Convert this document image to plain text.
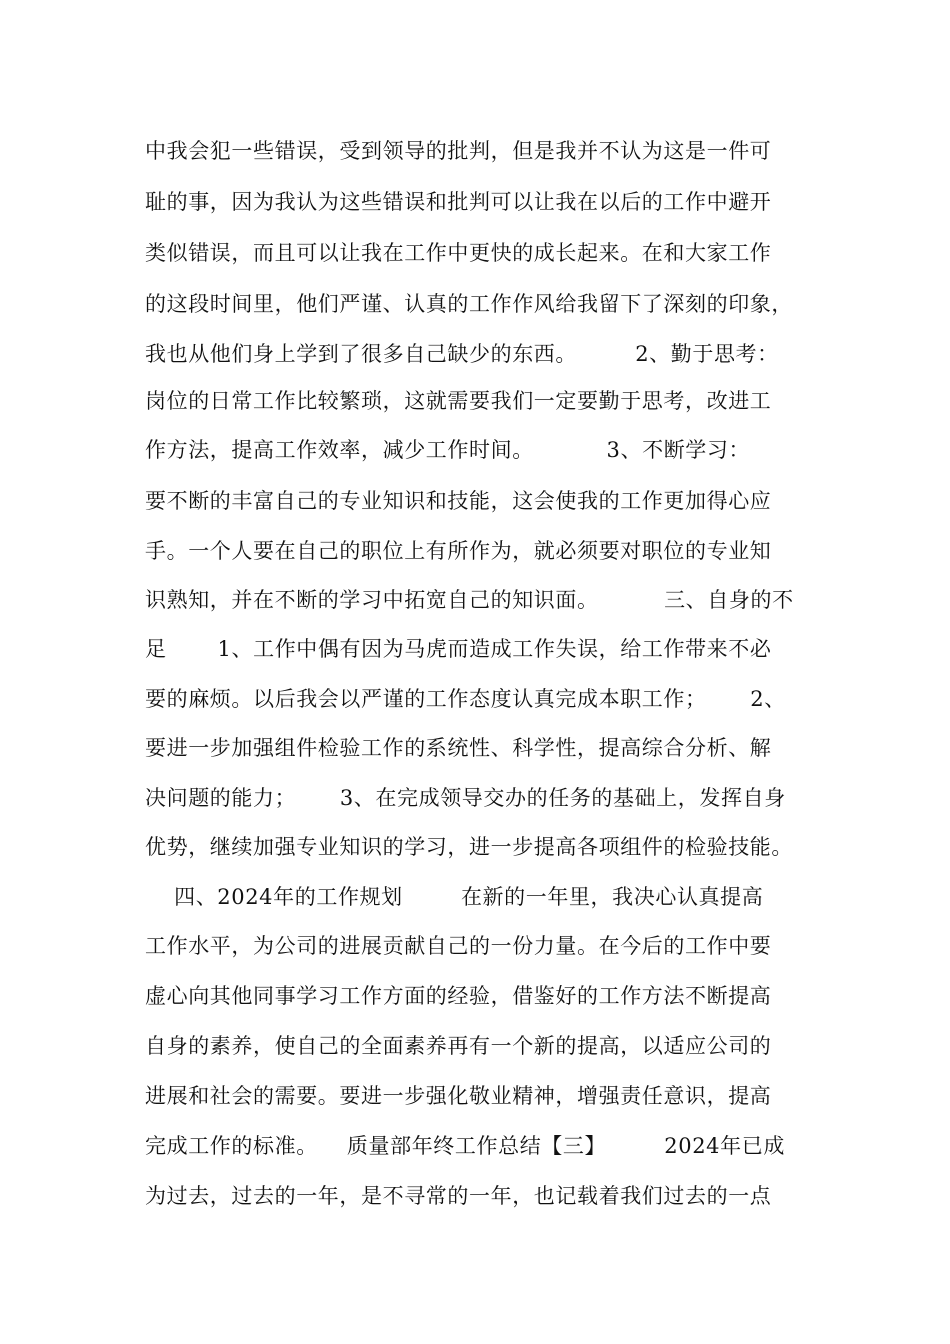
中我会犯一些错误，受到领导的批判，但是我并不认为这是一件可
耻的事，因为我认为这些错误和批判可以让我在以后的工作中避开
类似错误，而且可以让我在工作中更快的成长起来。在和大家工作
的这段时间里，他们严谨、认真的工作作风给我留下了深刻的印象，
我也从他们身上学到了很多自己缺少的东西。        2、勤于思考：
岗位的日常工作比较繁琐，这就需要我们一定要勤于思考，改进工
作方法，提高工作效率，减少工作时间。          3、不断学习：
要不断的丰富自己的专业知识和技能，这会使我的工作更加得心应
手。一个人要在自己的职位上有所作为，就必须要对职位的专业知
识熟知，并在不断的学习中拓宽自己的知识面。         三、自身的不
足       1、工作中偶有因为马虎而造成工作失误，给工作带来不必
要的麻烦。以后我会以严谨的工作态度认真完成本职工作；      2、
要进一步加强组件检验工作的系统性、科学性，提高综合分析、解
决问题的能力；      3、在完成领导交办的任务的基础上，发挥自身
优势，继续加强专业知识的学习，进一步提高各项组件的检验技能。
四、2024年的工作规划        在新的一年里，我决心认真提高
工作水平，为公司的进展贡献自己的一份力量。在今后的工作中要
虚心向其他同事学习工作方面的经验，借鉴好的工作方法不断提高
自身的素养，使自己的全面素养再有一个新的提高，以适应公司的
进展和社会的需要。要进一步强化敬业精神，增强责任意识，提高
完成工作的标准。    质量部年终工作总结【三】        2024年已成
为过去，过去的一年，是不寻常的一年，也记载着我们过去的一点
